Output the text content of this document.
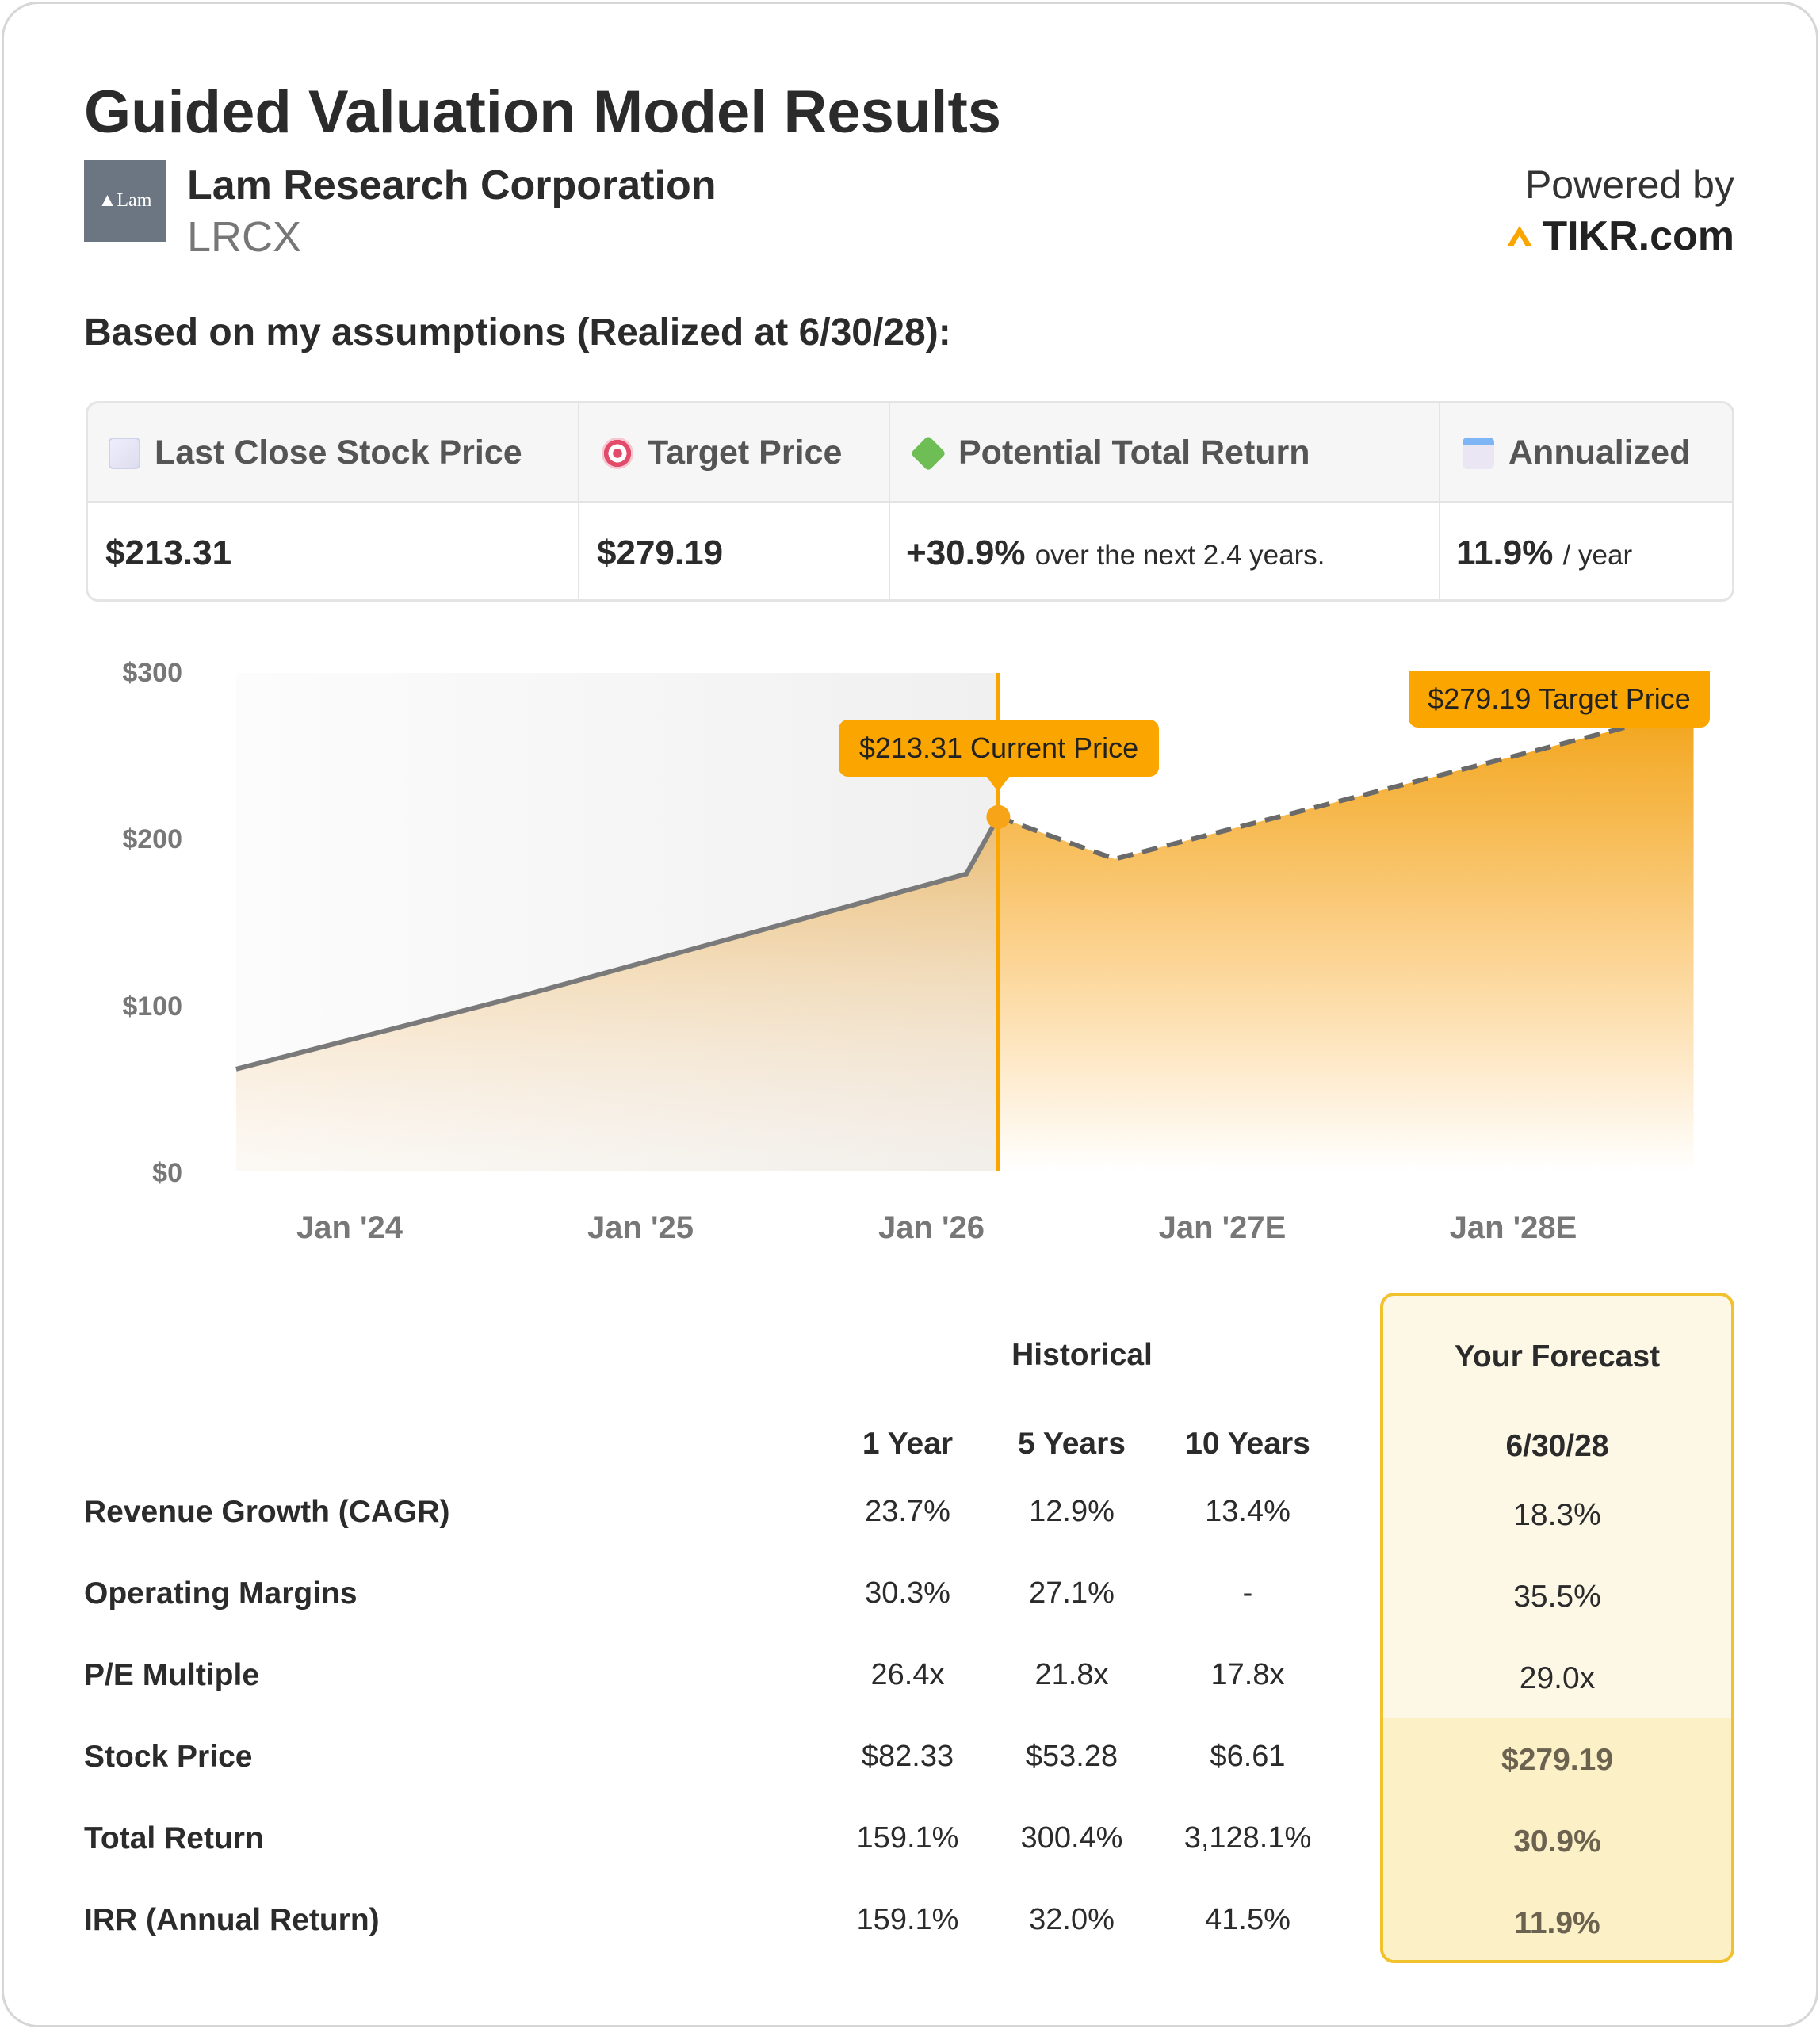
Guided Valuation Model Results
▲Lam Lam Research Corporation
LRCX
Powered by
TIKR.com
Based on my assumptions (Realized at 6/30/28):
Last Close Stock Price	Target Price	Potential Total Return	Annualized
$213.31	$279.19	+30.9% over the next 2.4 years.	11.9% / year
$300
$200
$100
$0
Jan '24	Jan '25	Jan '26	Jan '27E	Jan '28E
$213.31 Current Price
$279.19 Target Price
Historical
1 Year	5 Years	10 Years
Your Forecast
6/30/28
Revenue Growth (CAGR)	23.7%	12.9%	13.4%	18.3%
Operating Margins	30.3%	27.1%	-	35.5%
P/E Multiple	26.4x	21.8x	17.8x	29.0x
Stock Price	$82.33	$53.28	$6.61	$279.19
Total Return	159.1%	300.4%	3,128.1%	30.9%
IRR (Annual Return)	159.1%	32.0%	41.5%	11.9%
